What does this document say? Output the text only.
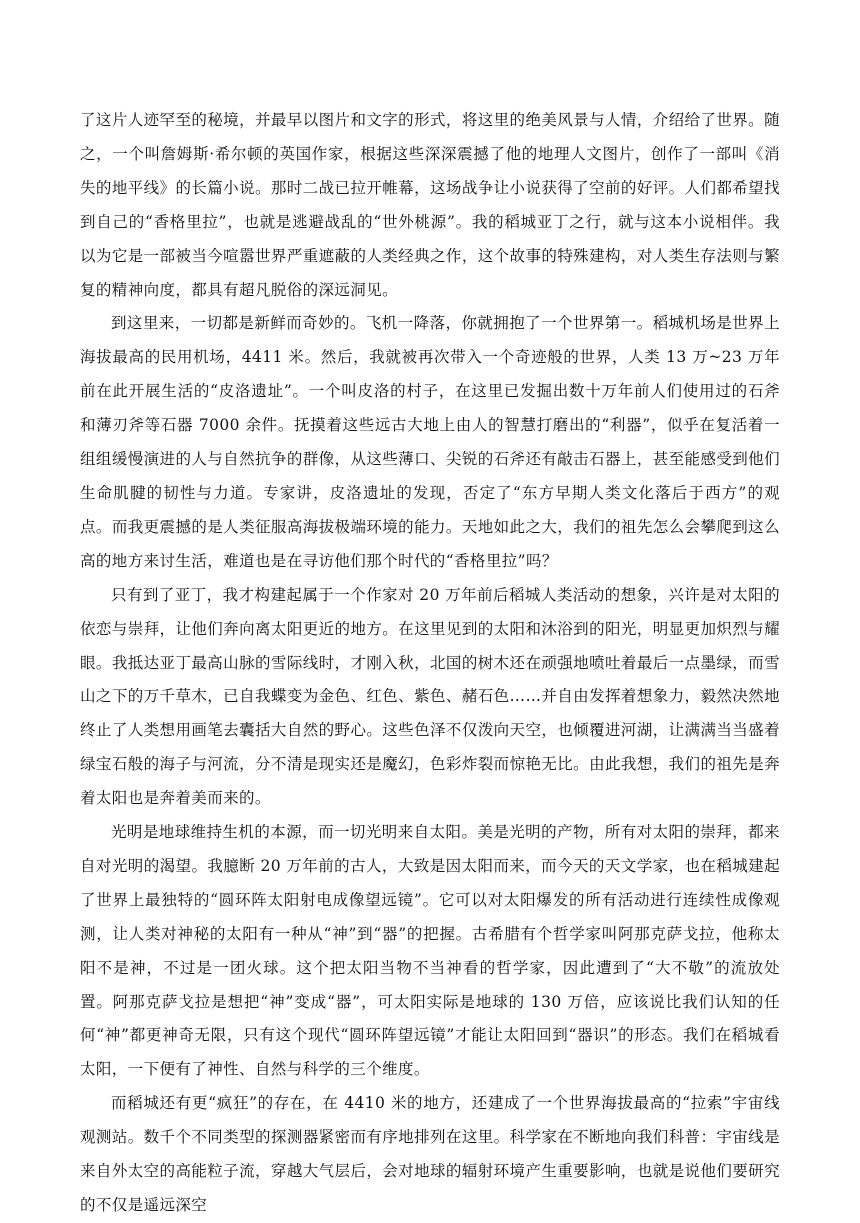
了这片人迹罕至的秘境，并最早以图片和文字的形式，将这里的绝美风景与人情，介绍给了世界。随之，一个叫詹姆斯·希尔顿的英国作家，根据这些深深震撼了他的地理人文图片，创作了一部叫《消失的地平线》的长篇小说。那时二战已拉开帷幕，这场战争让小说获得了空前的好评。人们都希望找到自己的“香格里拉”，也就是逃避战乱的“世外桃源”。我的稻城亚丁之行，就与这本小说相伴。我以为它是一部被当今喧嚣世界严重遮蔽的人类经典之作，这个故事的特殊建构，对人类生存法则与繁复的精神向度，都具有超凡脱俗的深远洞见。

到这里来，一切都是新鲜而奇妙的。飞机一降落，你就拥抱了一个世界第一。稻城机场是世界上海拔最高的民用机场，4411 米。然后，我就被再次带入一个奇迹般的世界，人类 13 万~23 万年前在此开展生活的“皮洛遗址”。一个叫皮洛的村子，在这里已发掘出数十万年前人们使用过的石斧和薄刃斧等石器 7000 余件。抚摸着这些远古大地上由人的智慧打磨出的“利器”，似乎在复活着一组组缓慢演进的人与自然抗争的群像，从这些薄口、尖锐的石斧还有敲击石器上，甚至能感受到他们生命肌腱的韧性与力道。专家讲，皮洛遗址的发现，否定了“东方早期人类文化落后于西方”的观点。而我更震撼的是人类征服高海拔极端环境的能力。天地如此之大，我们的祖先怎么会攀爬到这么高的地方来讨生活，难道也是在寻访他们那个时代的“香格里拉”吗？

只有到了亚丁，我才构建起属于一个作家对 20 万年前后稻城人类活动的想象，兴许是对太阳的依恋与崇拜，让他们奔向离太阳更近的地方。在这里见到的太阳和沐浴到的阳光，明显更加炽烈与耀眼。我抵达亚丁最高山脉的雪际线时，才刚入秋，北国的树木还在顽强地喷吐着最后一点墨绿，而雪山之下的万千草木，已自我蝶变为金色、红色、紫色、赭石色……并自由发挥着想象力，毅然决然地终止了人类想用画笔去囊括大自然的野心。这些色泽不仅泼向天空，也倾覆进河湖，让满满当当盛着绿宝石般的海子与河流，分不清是现实还是魔幻，色彩炸裂而惊艳无比。由此我想，我们的祖先是奔着太阳也是奔着美而来的。

光明是地球维持生机的本源，而一切光明来自太阳。美是光明的产物，所有对太阳的崇拜，都来自对光明的渴望。我臆断 20 万年前的古人，大致是因太阳而来，而今天的天文学家，也在稻城建起了世界上最独特的“圆环阵太阳射电成像望远镜”。它可以对太阳爆发的所有活动进行连续性成像观测，让人类对神秘的太阳有一种从“神”到“器”的把握。古希腊有个哲学家叫阿那克萨戈拉，他称太阳不是神，不过是一团火球。这个把太阳当物不当神看的哲学家，因此遭到了“大不敬”的流放处置。阿那克萨戈拉是想把“神”变成“器”，可太阳实际是地球的 130 万倍，应该说比我们认知的任何“神”都更神奇无限，只有这个现代“圆环阵望远镜”才能让太阳回到“器识”的形态。我们在稻城看太阳，一下便有了神性、自然与科学的三个维度。

而稻城还有更“疯狂”的存在，在 4410 米的地方，还建成了一个世界海拔最高的“拉索”宇宙线观测站。数千个不同类型的探测器紧密而有序地排列在这里。科学家在不断地向我们科普：宇宙线是来自外太空的高能粒子流，穿越大气层后，会对地球的辐射环境产生重要影响，也就是说他们要研究的不仅是遥远深空
